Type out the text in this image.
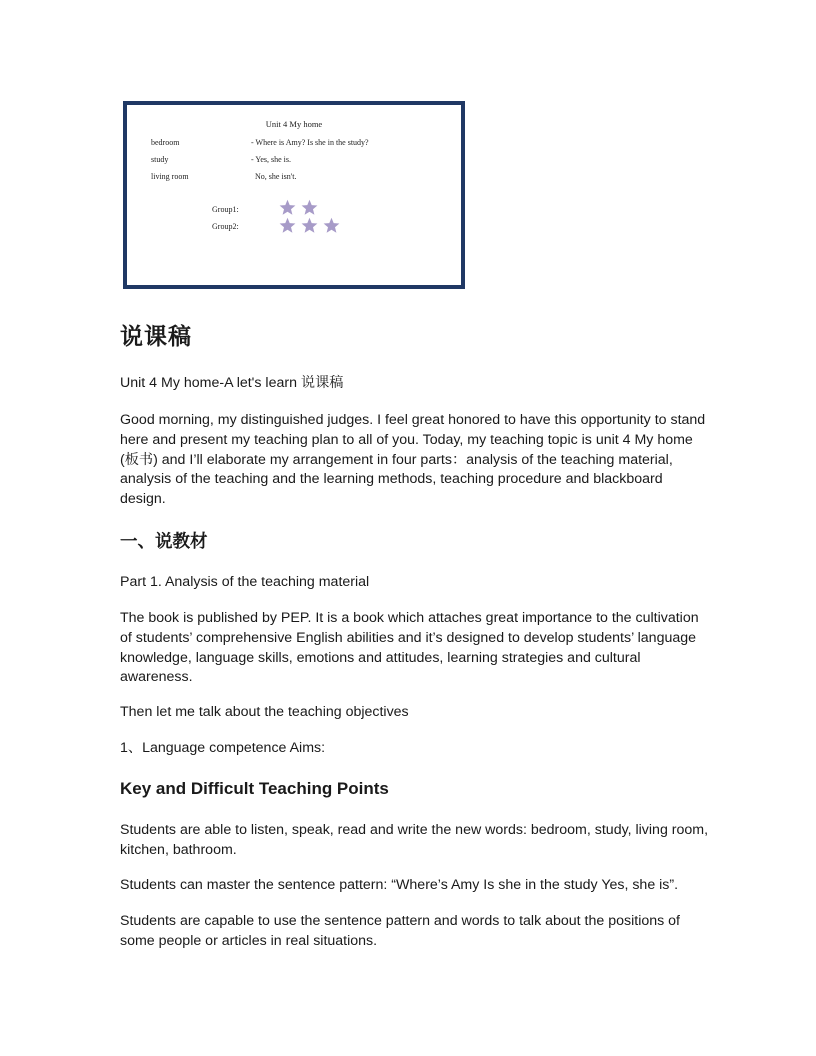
Unit 4 My home
bedroom
study
living room
- Where is Amy? Is she in the study?
- Yes, she is.
No, she isn't.
Group1:
Group2:
说课稿
Unit 4 My home-A let's learn 说课稿
Good morning, my distinguished judges. I feel great honored to have this opportunity to stand here and present my teaching plan to all of you. Today, my teaching topic is unit 4 My home (板书) and I’ll elaborate my arrangement in four parts：analysis of the teaching material, analysis of the teaching and the learning methods, teaching procedure and blackboard design.
一、说教材
Part 1. Analysis of the teaching material
The book is published by PEP. It is a book which attaches great importance to the cultivation of students’ comprehensive English abilities and it’s designed to develop students’ language knowledge, language skills, emotions and attitudes, learning strategies and cultural awareness.
Then let me talk about the teaching objectives
1、Language competence Aims:
Key and Difficult Teaching Points
Students are able to listen, speak, read and write the new words: bedroom, study, living room, kitchen, bathroom.
Students can master the sentence pattern: “Where’s Amy Is she in the study Yes, she is”.
Students are capable to use the sentence pattern and words to talk about the positions of some people or articles in real situations.
